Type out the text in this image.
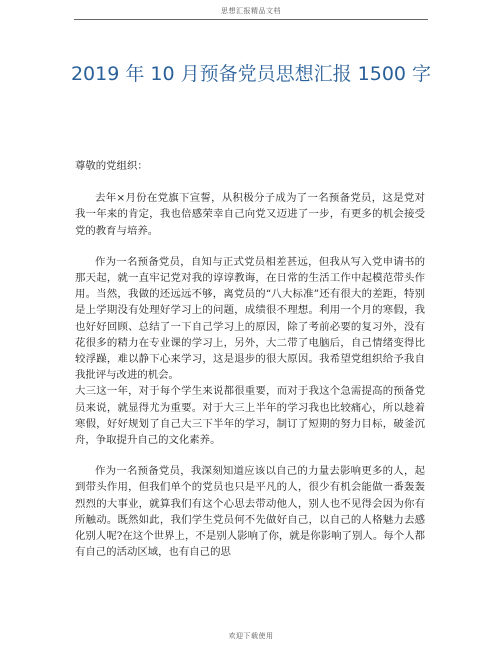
思想汇报精品文档
2019 年 10 月预备党员思想汇报 1500 字

尊敬的党组织：

去年×月份在党旗下宣誓，从积极分子成为了一名预备党员，这是党对我一年来的肯定，我也倍感荣幸自己向党又迈进了一步，有更多的机会接受党的教育与培养。

作为一名预备党员，自知与正式党员相差甚远，但我从写入党申请书的那天起，就一直牢记党对我的谆谆教诲，在日常的生活工作中起模范带头作用。当然，我做的还远远不够，离党员的“八大标准”还有很大的差距，特别是上学期没有处理好学习上的问题，成绩很不理想。利用一个月的寒假，我也好好回顾、总结了一下自己学习上的原因，除了考前必要的复习外，没有花很多的精力在专业课的学习上，另外，大二带了电脑后，自己情绪变得比较浮躁，难以静下心来学习，这是退步的很大原因。我希望党组织给予我自我批评与改进的机会。

大三这一年，对于每个学生来说都很重要，而对于我这个急需提高的预备党员来说，就显得尤为重要。对于大三上半年的学习我也比较痛心，所以趁着寒假，好好规划了自己大三下半年的学习，制订了短期的努力目标，破釜沉舟，争取提升自己的文化素养。

作为一名预备党员，我深刻知道应该以自己的力量去影响更多的人，起到带头作用，但我们单个的党员也只是平凡的人，很少有机会能做一番轰轰烈烈的大事业，就算我们有这个心思去带动他人，别人也不见得会因为你有所触动。既然如此，我们学生党员何不先做好自己，以自己的人格魅力去感化别人呢?在这个世界上，不是别人影响了你，就是你影响了别人。每个人都有自己的活动区域，也有自己的思

欢迎下载使用
